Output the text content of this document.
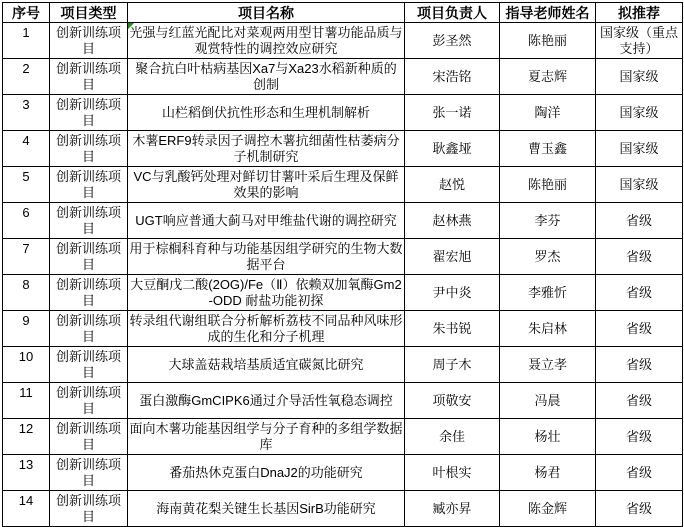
序号	项目类型	项目名称	项目负责人	指导老师姓名	拟推荐
1	创新训练项目	光强与红蓝光配比对菜观两用型甘薯功能品质与观赏特性的调控效应研究	彭圣然	陈艳丽	国家级（重点支持）
2	创新训练项目	聚合抗白叶枯病基因Xa7与Xa23水稻新种质的创制	宋浩铭	夏志辉	国家级
3	创新训练项目	山栏稻倒伏抗性形态和生理机制解析	张一诺	陶洋	国家级
4	创新训练项目	木薯ERF9转录因子调控木薯抗细菌性枯萎病分子机制研究	耿鑫垭	曹玉鑫	国家级
5	创新训练项目	VC与乳酸钙处理对鲜切甘薯叶采后生理及保鲜效果的影响	赵悦	陈艳丽	国家级
6	创新训练项目	UGT响应普通大蓟马对甲维盐代谢的调控研究	赵林燕	李芬	省级
7	创新训练项目	用于棕榈科育种与功能基因组学研究的生物大数据平台	翟宏旭	罗杰	省级
8	创新训练项目	大豆酮戊二酸(2OG)/Fe（Ⅱ）依赖双加氧酶Gm2-ODD 耐盐功能初探	尹中炎	李雅忻	省级
9	创新训练项目	转录组代谢组联合分析解析荔枝不同品种风味形成的生化和分子机理	朱书锐	朱启林	省级
10	创新训练项目	大球盖菇栽培基质适宜碳氮比研究	周子木	聂立孝	省级
11	创新训练项目	蛋白激酶GmCIPK6通过介导活性氧稳态调控	项敬安	冯晨	省级
12	创新训练项目	面向木薯功能基因组学与分子育种的多组学数据库	余佳	杨壮	省级
13	创新训练项目	番茄热休克蛋白DnaJ2的功能研究	叶根实	杨君	省级
14	创新训练项目	海南黄花梨关键生长基因SirB功能研究	臧亦昇	陈金辉	省级
